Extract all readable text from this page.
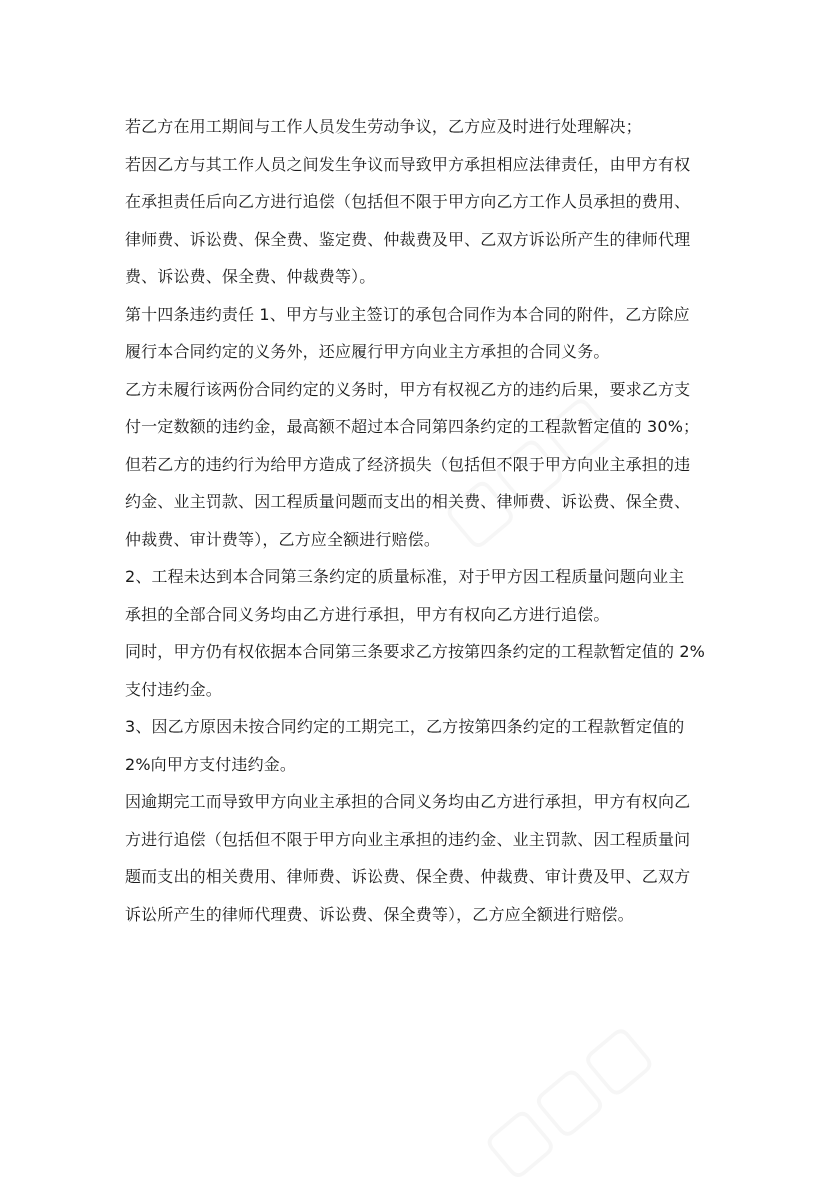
若乙方在用工期间与工作人员发生劳动争议，乙方应及时进行处理解决；
若因乙方与其工作人员之间发生争议而导致甲方承担相应法律责任，由甲方有权
在承担责任后向乙方进行追偿（包括但不限于甲方向乙方工作人员承担的费用、
律师费、诉讼费、保全费、鉴定费、仲裁费及甲、乙双方诉讼所产生的律师代理
费、诉讼费、保全费、仲裁费等）。
第十四条违约责任 1、甲方与业主签订的承包合同作为本合同的附件，乙方除应
履行本合同约定的义务外，还应履行甲方向业主方承担的合同义务。
乙方未履行该两份合同约定的义务时，甲方有权视乙方的违约后果，要求乙方支
付一定数额的违约金，最高额不超过本合同第四条约定的工程款暂定值的 30%；
但若乙方的违约行为给甲方造成了经济损失（包括但不限于甲方向业主承担的违
约金、业主罚款、因工程质量问题而支出的相关费、律师费、诉讼费、保全费、
仲裁费、审计费等），乙方应全额进行赔偿。
2、工程未达到本合同第三条约定的质量标准，对于甲方因工程质量问题向业主
承担的全部合同义务均由乙方进行承担，甲方有权向乙方进行追偿。
同时，甲方仍有权依据本合同第三条要求乙方按第四条约定的工程款暂定值的 2%
支付违约金。
3、因乙方原因未按合同约定的工期完工，乙方按第四条约定的工程款暂定值的
2%向甲方支付违约金。
因逾期完工而导致甲方向业主承担的合同义务均由乙方进行承担，甲方有权向乙
方进行追偿（包括但不限于甲方向业主承担的违约金、业主罚款、因工程质量问
题而支出的相关费用、律师费、诉讼费、保全费、仲裁费、审计费及甲、乙双方
诉讼所产生的律师代理费、诉讼费、保全费等），乙方应全额进行赔偿。
